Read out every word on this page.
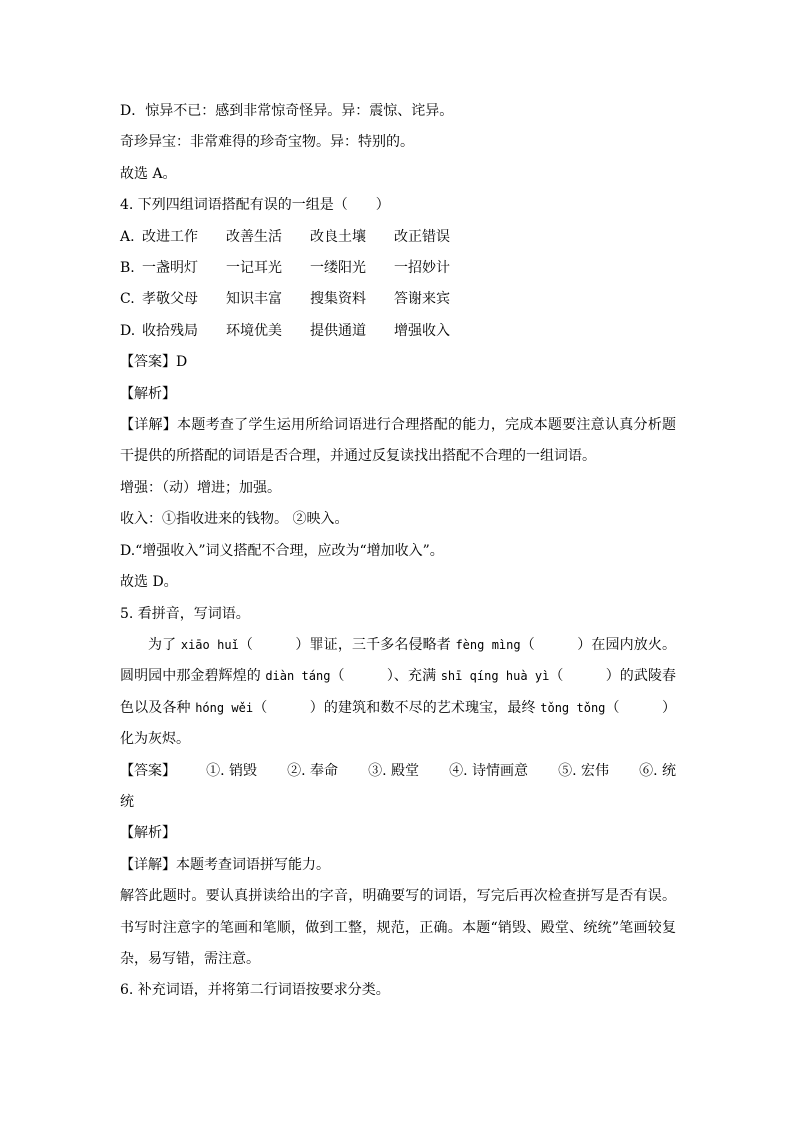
D．惊异不已：感到非常惊奇怪异。异：震惊、诧异。
奇珍异宝：非常难得的珍奇宝物。异：特别的。
故选 A。
4. 下列四组词语搭配有误的一组是（　　）
A. 改进工作	改善生活	改良土壤	改正错误
B. 一盏明灯	一记耳光	一缕阳光	一招妙计
C. 孝敬父母	知识丰富	搜集资料	答谢来宾
D. 收拾残局	环境优美	提供通道	增强收入
【答案】D
【解析】
【详解】本题考查了学生运用所给词语进行合理搭配的能力，完成本题要注意认真分析题干提供的所搭配的词语是否合理，并通过反复读找出搭配不合理的一组词语。
增强：（动）增进；加强。
收入：①指收进来的钱物。 ②映入。
D.“增强收入”词义搭配不合理，应改为“增加收入”。
故选 D。
5. 看拼音，写词语。
为了 xiāo huǐ（　　　）罪证，三千多名侵略者 fèng mìng（　　　）在园内放火。圆明园中那金碧辉煌的 diàn táng（　　　）、充满 shī qíng huà yì（　　　）的武陵春色以及各种 hóng wěi（　　　）的建筑和数不尽的艺术瑰宝，最终 tǒng tǒng（　　　）化为灰烬。
【答案】 ①. 销毁 ②. 奉命 ③. 殿堂 ④. 诗情画意 ⑤. 宏伟 ⑥. 统
统
【解析】
【详解】本题考查词语拼写能力。
解答此题时。要认真拼读给出的字音，明确要写的词语，写完后再次检查拼写是否有误。书写时注意字的笔画和笔顺，做到工整，规范，正确。本题“销毁、殿堂、统统”笔画较复杂，易写错，需注意。
6. 补充词语，并将第二行词语按要求分类。
